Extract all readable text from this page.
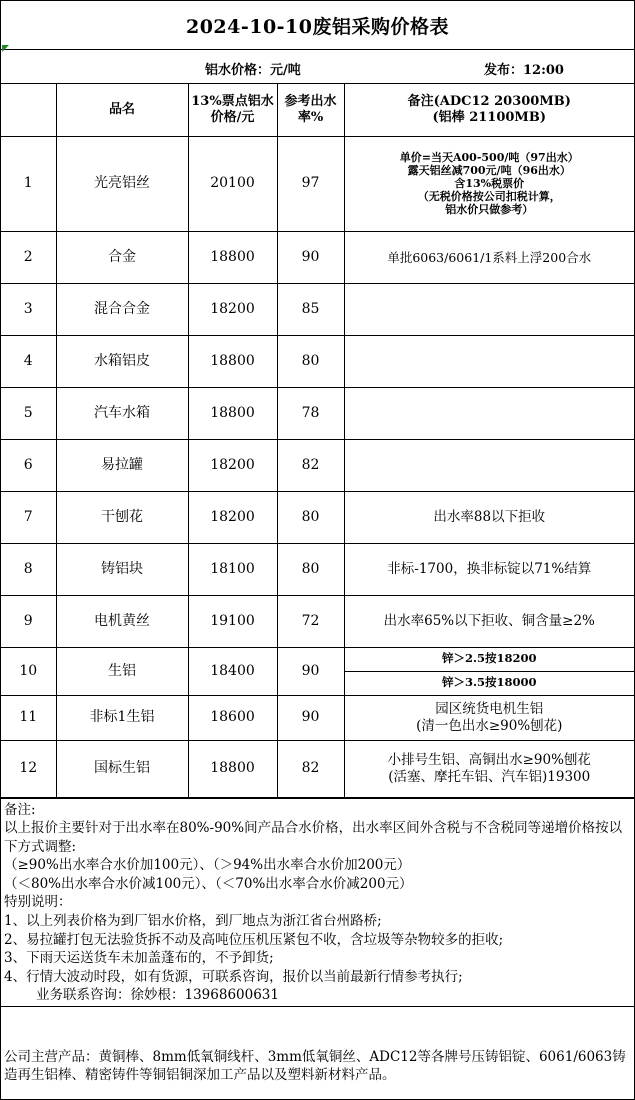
2024-10-10废铝采购价格表
铝水价格：元/吨	发布：12:00
	品名	13%票点铝水价格/元	参考出水率%	备注(ADC12 20300MB)
(铝棒 21100MB)

1	光亮铝丝	20100	97	单价=当天A00-500/吨（97出水）
露天铝丝减700元/吨（96出水）
含13%税票价
（无税价格按公司扣税计算，
铝水价只做参考）

2	合金	18800	90	单批6063/6061/1系料上浮200合水
3	混合合金	18200	85	
4	水箱铝皮	18800	80	
5	汽车水箱	18800	78	
6	易拉罐	18200	82	
7	干刨花	18200	80	出水率88以下拒收
8	铸铝块	18100	80	非标-1700，换非标锭以71%结算
9	电机黄丝	19100	72	出水率65%以下拒收、铜含量≥2%
10	生铝	18400	90	锌＞2.5按18200
				锌＞3.5按18000
11	非标1生铝	18600	90	园区统货电机生铝
(清一色出水≥90%刨花)

12	国标生铝	18800	82	小排号生铝、高铜出水≥90%刨花
(活塞、摩托车铝、汽车铝)19300
备注:
以上报价主要针对于出水率在80%-90%间产品合水价格，出水率区间外含税与不含税同等递增价格按以下方式调整:
（≥90%出水率合水价加100元）、（＞94%出水率合水价加200元）
（＜80%出水率合水价减100元）、（＜70%出水率合水价减200元）
特别说明：
1、以上列表价格为到厂铝水价格，到厂地点为浙江省台州路桥;
2、易拉罐打包无法验货拆不动及高吨位压机压紧包不收，含垃圾等杂物较多的拒收;
3、下雨天运送货车未加盖蓬布的，不予卸货;
4、行情大波动时段，如有货源，可联系咨询，报价以当前最新行情参考执行;
业务联系咨询：徐妙根：13968600631
公司主营产品：黄铜棒、8mm低氧铜线杆、3mm低氧铜丝、ADC12等各牌号压铸铝锭、6061/6063铸造再生铝棒、精密铸件等铜铝铜深加工产品以及塑料新材料产品。
